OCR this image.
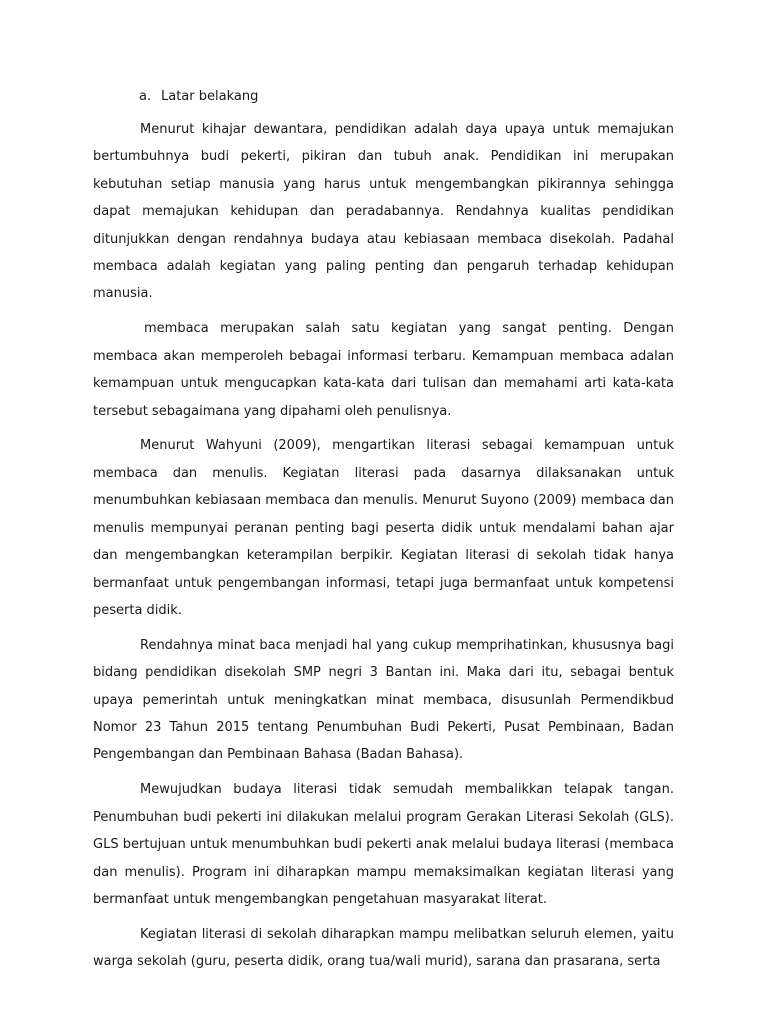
a. Latar belakang

Menurut kihajar dewantara, pendidikan adalah daya upaya untuk memajukan bertumbuhnya budi pekerti, pikiran dan tubuh anak. Pendidikan ini merupakan kebutuhan setiap manusia yang harus untuk mengembangkan pikirannya sehingga dapat memajukan kehidupan dan peradabannya. Rendahnya kualitas pendidikan ditunjukkan dengan rendahnya budaya atau kebiasaan membaca disekolah. Padahal membaca adalah kegiatan yang paling penting dan pengaruh terhadap kehidupan manusia.

membaca merupakan salah satu kegiatan yang sangat penting. Dengan membaca akan memperoleh bebagai informasi terbaru. Kemampuan membaca adalan kemampuan untuk mengucapkan kata-kata dari tulisan dan memahami arti kata-kata tersebut sebagaimana yang dipahami oleh penulisnya.

Menurut Wahyuni (2009), mengartikan literasi sebagai kemampuan untuk membaca dan menulis. Kegiatan literasi pada dasarnya dilaksanakan untuk menumbuhkan kebiasaan membaca dan menulis. Menurut Suyono (2009) membaca dan menulis mempunyai peranan penting bagi peserta didik untuk mendalami bahan ajar dan mengembangkan keterampilan berpikir. Kegiatan literasi di sekolah tidak hanya bermanfaat untuk pengembangan informasi, tetapi juga bermanfaat untuk kompetensi peserta didik.

Rendahnya minat baca menjadi hal yang cukup memprihatinkan, khususnya bagi bidang pendidikan disekolah SMP negri 3 Bantan ini. Maka dari itu, sebagai bentuk upaya pemerintah untuk meningkatkan minat membaca, disusunlah Permendikbud Nomor 23 Tahun 2015 tentang Penumbuhan Budi Pekerti, Pusat Pembinaan, Badan Pengembangan dan Pembinaan Bahasa (Badan Bahasa).

Mewujudkan budaya literasi tidak semudah membalikkan telapak tangan. Penumbuhan budi pekerti ini dilakukan melalui program Gerakan Literasi Sekolah (GLS). GLS bertujuan untuk menumbuhkan budi pekerti anak melalui budaya literasi (membaca dan menulis). Program ini diharapkan mampu memaksimalkan kegiatan literasi yang bermanfaat untuk mengembangkan pengetahuan masyarakat literat.

Kegiatan literasi di sekolah diharapkan mampu melibatkan seluruh elemen, yaitu warga sekolah (guru, peserta didik, orang tua/wali murid), sarana dan prasarana, serta
